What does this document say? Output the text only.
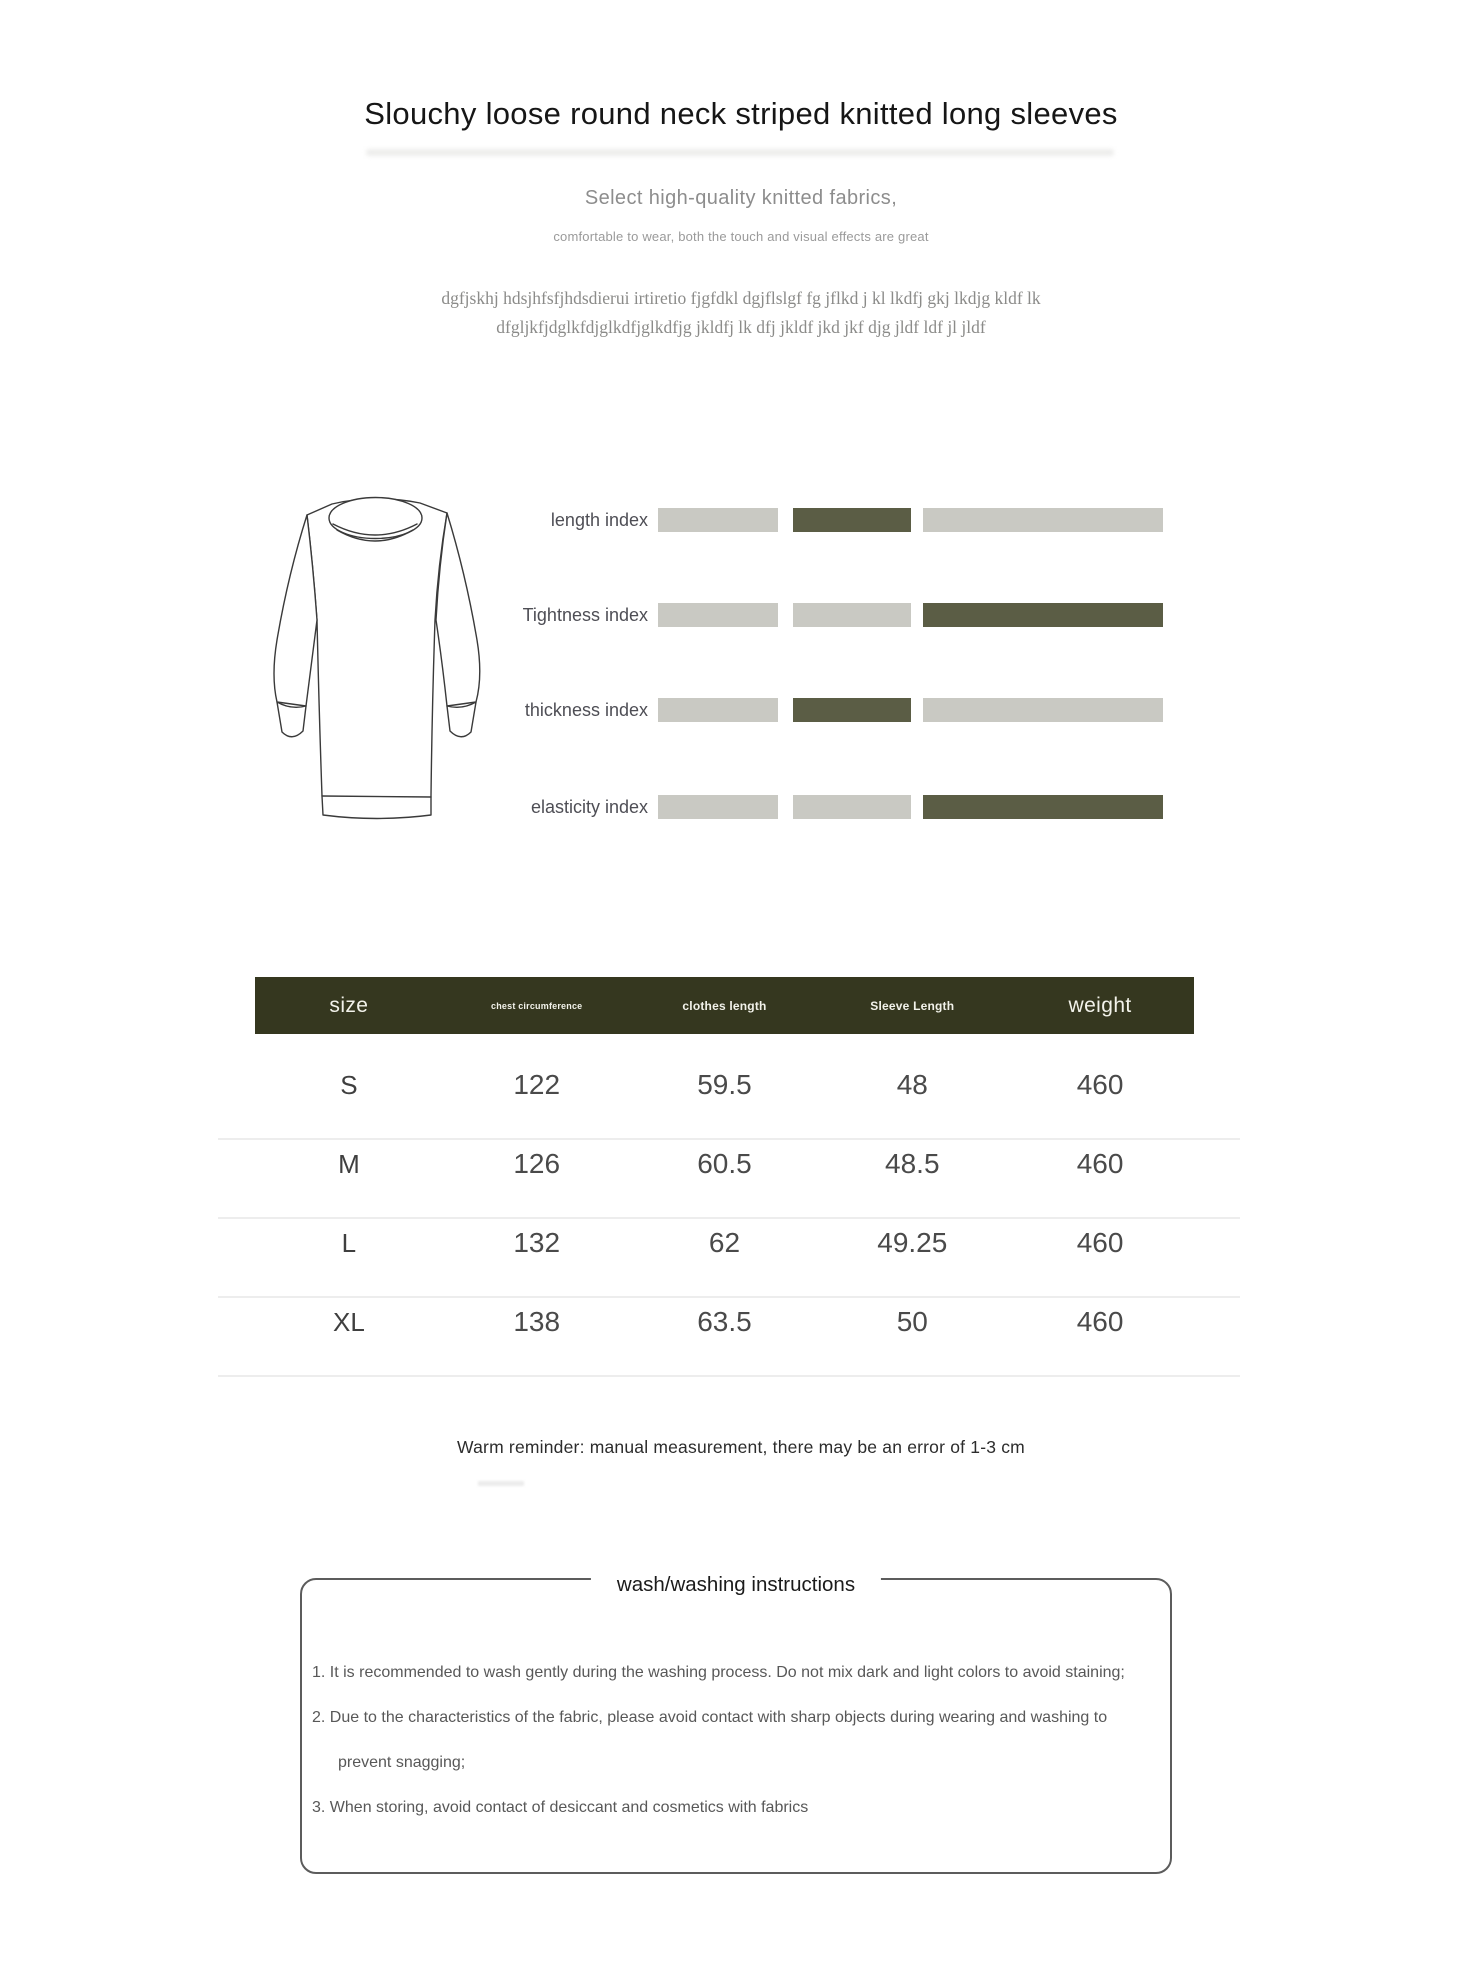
Slouchy loose round neck striped knitted long sleeves
Select high-quality knitted fabrics,
comfortable to wear, both the touch and visual effects are great
dgfjskhj hdsjhfsfjhdsdierui irtiretio fjgfdkl dgjflslgf fg jflkd j kl lkdfj gkj lkdjg kldf lk
dfgljkfjdglkfdjglkdfjglkdfjg jkldfj lk dfj jkldf jkd jkf djg jldf ldf jl jldf
length index
Tightness index
thickness index
elasticity index
size	chest circumference	clothes length	Sleeve Length	weight
S	122	59.5	48	460
M	126	60.5	48.5	460
L	132	62	49.25	460
XL	138	63.5	50	460
Warm reminder: manual measurement, there may be an error of 1-3 cm
wash/washing instructions
1. It is recommended to wash gently during the washing process. Do not mix dark and light colors to avoid staining;
2. Due to the characteristics of the fabric, please avoid contact with sharp objects during wearing and washing to prevent snagging;
3. When storing, avoid contact of desiccant and cosmetics with fabrics
